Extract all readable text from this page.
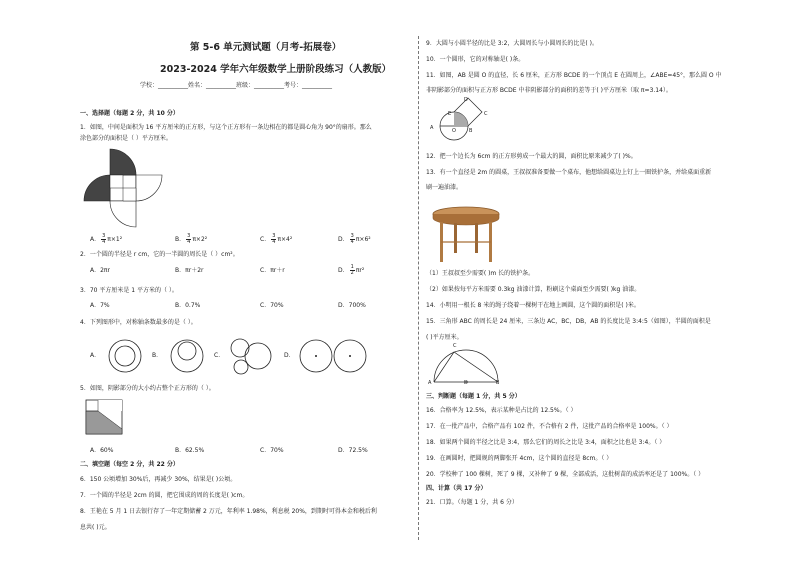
第 5-6 单元测试题（月考-拓展卷）
2023-2024 学年六年级数学上册阶段练习（人教版）
学校：__________姓名：__________班级：__________考号：__________
一、选择题（每题 2 分，共 10 分）
1．如图，中间是面积为 16 平方厘米的正方形，与这个正方形有一条边相在的都是圆心角为 90°的扇形。那么
涂色部分的面积是（ ）平方厘米。
A． $\frac{3}{4} \pi\times 1^2$	B． $\frac{3}{4} \pi\times 2^2$	C． $\frac{3}{4} \pi\times 4^2$	D． $\frac{3}{4} \pi\times 6^2$
2．一个圆的半径是 r cm，它的一半圆的周长是（ ）cm²。
A．2πr	B．πr＋2r	C．πr＋r	D． $\frac{1}{2} \pi r^2$
3．70 平方厘米是 1 平方米的（ ）。
A．7%	B．0.7%	C．70%	D．700%
4．下列图形中，对称轴条数最多的是（ ）。
A．	B．	C．	D．
5．如图，阴影部分的大小约占整个正方形的（ ）。
A．60%	B．62.5%	C．70%	D．72.5%
二、填空题（每空 2 分，共 22 分）
6．150 公顷增加 30%后，再减少 30%，结果是( )公顷。
7．一个圆的半径是 2cm 的圆，把它围成的周的长度是( )cm。
8．王艳在 5 月 1 日去银行存了一年定期储蓄 2 万元，年利率 1.98%，利息税 20%，到期时可得本金和税后利
息共( )元。
9．大圆与小圆半径的比是 3:2，大圆周长与小圆周长的比是( )。
10．一个圆形，它的对称轴是( )条。
11．如图，AB 是圆 O 的直径，长 6 厘米，正方形 BCDE 的一个顶点 E 在圆周上，∠ABE=45°，那么圆 O 中
非阴影部分的面积与正方形 BCDE 中非阴影部分的面积的差等于( )平方厘米（取 π=3.14）。
D
E	C
A	O	B
12．把一个边长为 6cm 的正方形剪成一个最大的圆，面积比原来减少了( )%。
13．有一个直径是 2m 的圆桌，王叔叔准备要做一个桌布，他想给圆桌边上钉上一圈铁护条，并给桌面重新
刷一遍油漆。
（1）王叔叔至少需要( )m 长的铁护条。
（2）如果按每平方米需要 0.3kg 油漆计算，粉刷这个桌面至少需要( )kg 油漆。
14．小明用一根长 8 米的绳子绕着一棵树干在地上画圆，这个圆的面积是( )米。
15．三角形 ABC 的周长是 24 厘米，三条边 AC，BC，DB，AB 的长度比是 3:4:5（如图），半圆的面积是
( )平方厘米。
C
A	D	B
三、判断题（每题 1 分，共 5 分）
16．合格率为 12.5%，表示某种是占比的 12.5%。（ ）
17．在一批产品中，合格产品有 102 件，不合格有 2 件，这批产品的合格率是 100%。（ ）
18．如果两个圆的半径之比是 3:4，那么它们的周长之比是 3:4，面积之比也是 3:4。（ ）
19．在画圆时，把圆规的两脚张开 4cm，这个圆的直径是 8cm。（ ）
20．学校种了 100 棵树，死了 9 棵，又补种了 9 棵，全部成活，这批树苗的成活率还是了 100%。（ ）
四、计算（共 17 分）
21．口算。（每题 1 分，共 6 分）
